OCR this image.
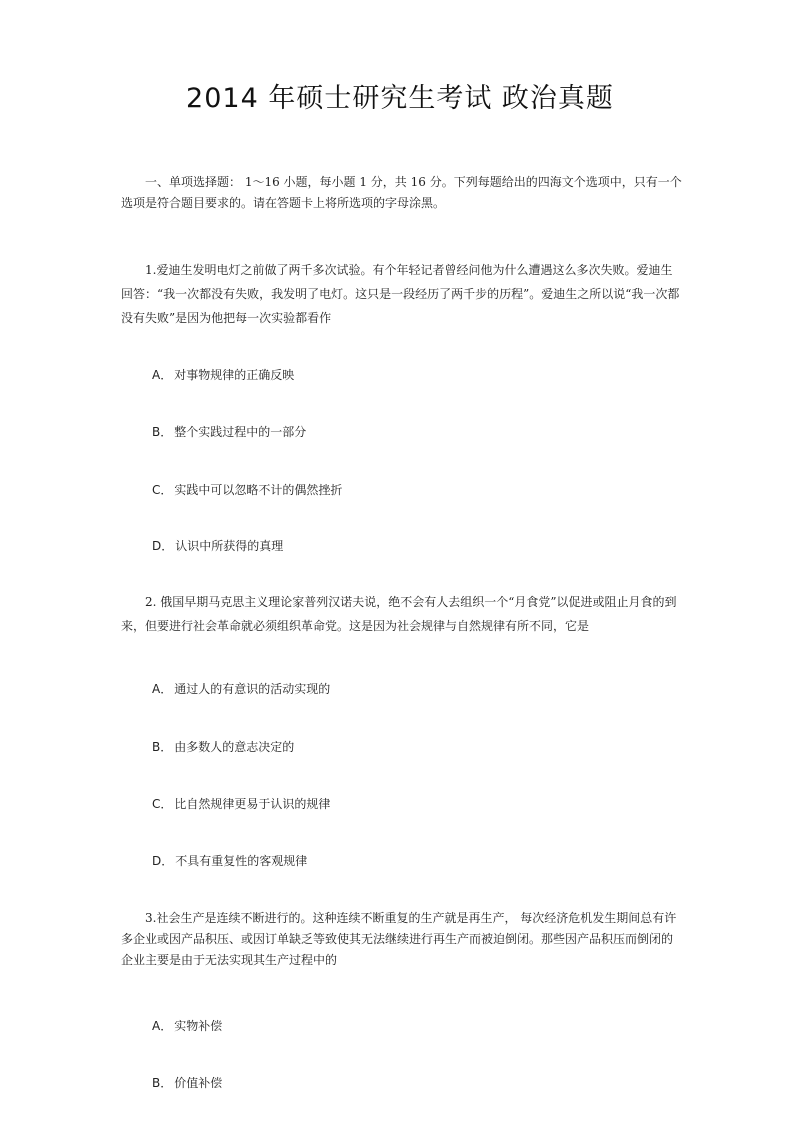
2014 年硕士研究生考试 政治真题
一、单项选择题： 1～16 小题，每小题 1 分，共 16 分。下列每题给出的四海文个选项中，只有一个选项是符合题目要求的。请在答题卡上将所选项的字母涂黑。
1.爱迪生发明电灯之前做了两千多次试验。有个年轻记者曾经问他为什么遭遇这么多次失败。爱迪生回答：“我一次都没有失败，我发明了电灯。这只是一段经历了两千步的历程”。爱迪生之所以说“我一次都没有失败”是因为他把每一次实验都看作
A． 对事物规律的正确反映
B． 整个实践过程中的一部分
C． 实践中可以忽略不计的偶然挫折
D． 认识中所获得的真理
2. 俄国早期马克思主义理论家普列汉诺夫说，绝不会有人去组织一个“月食党”以促进或阻止月食的到来，但要进行社会革命就必须组织革命党。这是因为社会规律与自然规律有所不同，它是
A． 通过人的有意识的活动实现的
B． 由多数人的意志决定的
C． 比自然规律更易于认识的规律
D． 不具有重复性的客观规律
3.社会生产是连续不断进行的。这种连续不断重复的生产就是再生产， 每次经济危机发生期间总有许多企业或因产品积压、或因订单缺乏等致使其无法继续进行再生产而被迫倒闭。那些因产品积压而倒闭的企业主要是由于无法实现其生产过程中的
A． 实物补偿
B． 价值补偿
